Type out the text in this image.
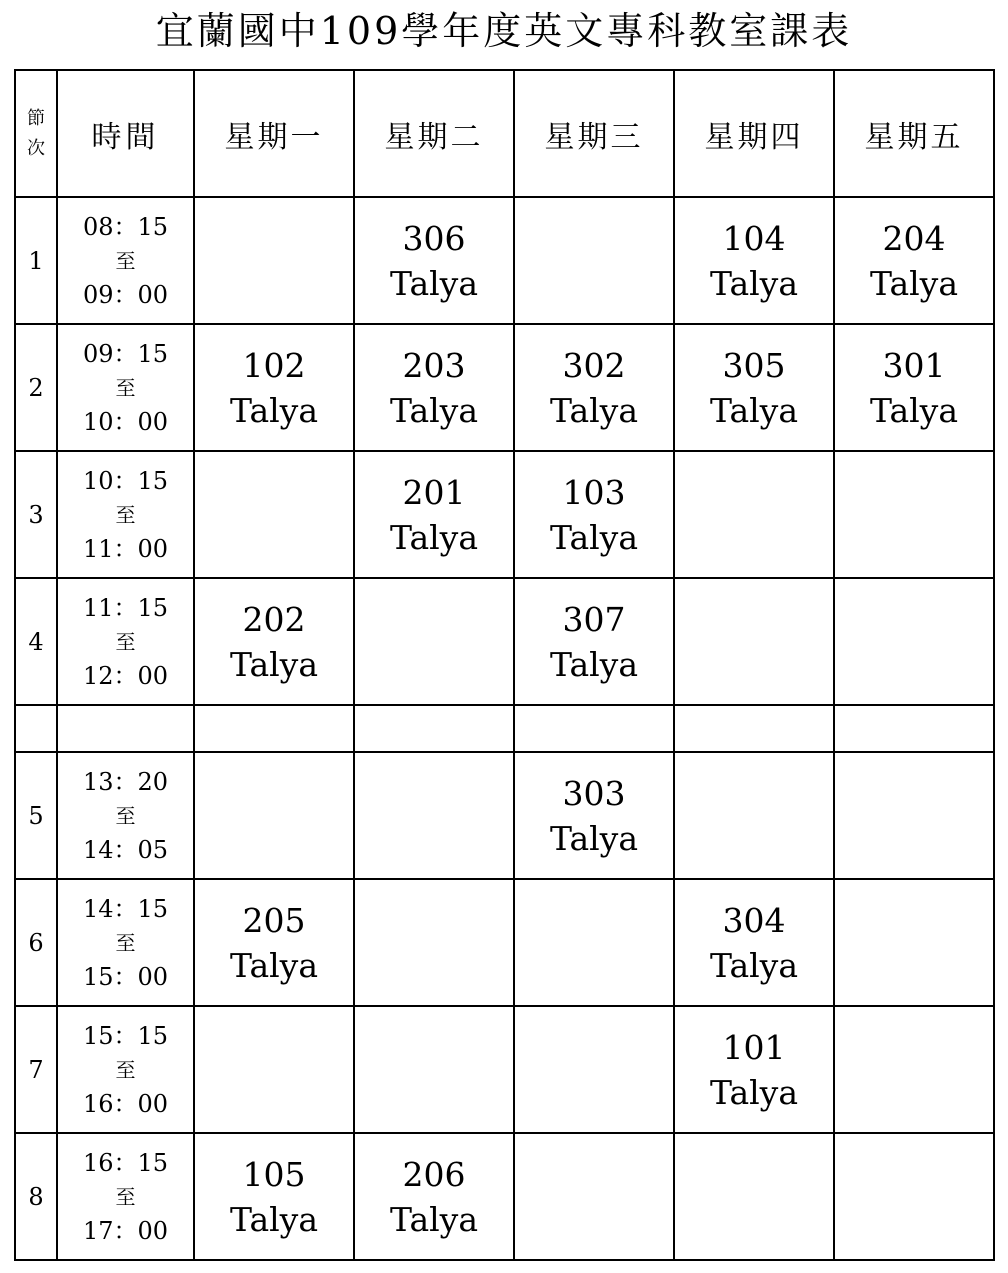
宜蘭國中109學年度英文專科教室課表
節
次	時間	星期一	星期二	星期三	星期四	星期五
1	08：15
至
09：00		306
Talya		104
Talya	204
Talya

2	09：15
至
10：00	102
Talya	203
Talya	302
Talya	305
Talya	301
Talya

3	10：15
至
11：00		201
Talya	103
Talya		

4	11：15
至
12：00	202
Talya		307
Talya		

5	13：20
至
14：05			303
Talya		

6	14：15
至
15：00	205
Talya			304
Talya	

7	15：15
至
16：00				101
Talya	

8	16：15
至
17：00	105
Talya	206
Talya			
